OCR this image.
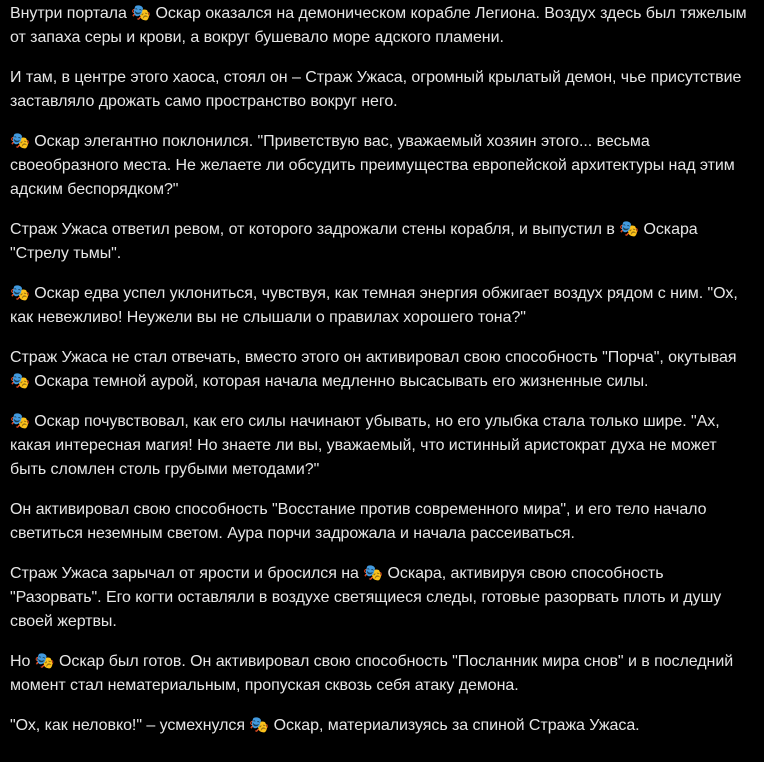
Внутри портала 🎭 Оскар оказался на демоническом корабле Легиона. Воздух здесь был тяжелым от запаха серы и крови, а вокруг бушевало море адского пламени.

И там, в центре этого хаоса, стоял он – Страж Ужаса, огромный крылатый демон, чье присутствие заставляло дрожать само пространство вокруг него.

🎭 Оскар элегантно поклонился. "Приветствую вас, уважаемый хозяин этого... весьма своеобразного места. Не желаете ли обсудить преимущества европейской архитектуры над этим адским беспорядком?"

Страж Ужаса ответил ревом, от которого задрожали стены корабля, и выпустил в 🎭 Оскара "Стрелу тьмы".

🎭 Оскар едва успел уклониться, чувствуя, как темная энергия обжигает воздух рядом с ним. "Ох, как невежливо! Неужели вы не слышали о правилах хорошего тона?"

Страж Ужаса не стал отвечать, вместо этого он активировал свою способность "Порча", окутывая 🎭 Оскара темной аурой, которая начала медленно высасывать его жизненные силы.

🎭 Оскар почувствовал, как его силы начинают убывать, но его улыбка стала только шире. "Ах, какая интересная магия! Но знаете ли вы, уважаемый, что истинный аристократ духа не может быть сломлен столь грубыми методами?"

Он активировал свою способность "Восстание против современного мира", и его тело начало светиться неземным светом. Аура порчи задрожала и начала рассеиваться.

Страж Ужаса зарычал от ярости и бросился на 🎭 Оскара, активируя свою способность "Разорвать". Его когти оставляли в воздухе светящиеся следы, готовые разорвать плоть и душу своей жертвы.

Но 🎭 Оскар был готов. Он активировал свою способность "Посланник мира снов" и в последний момент стал нематериальным, пропуская сквозь себя атаку демона.

"Ох, как неловко!" – усмехнулся 🎭 Оскар, материализуясь за спиной Стража Ужаса.
